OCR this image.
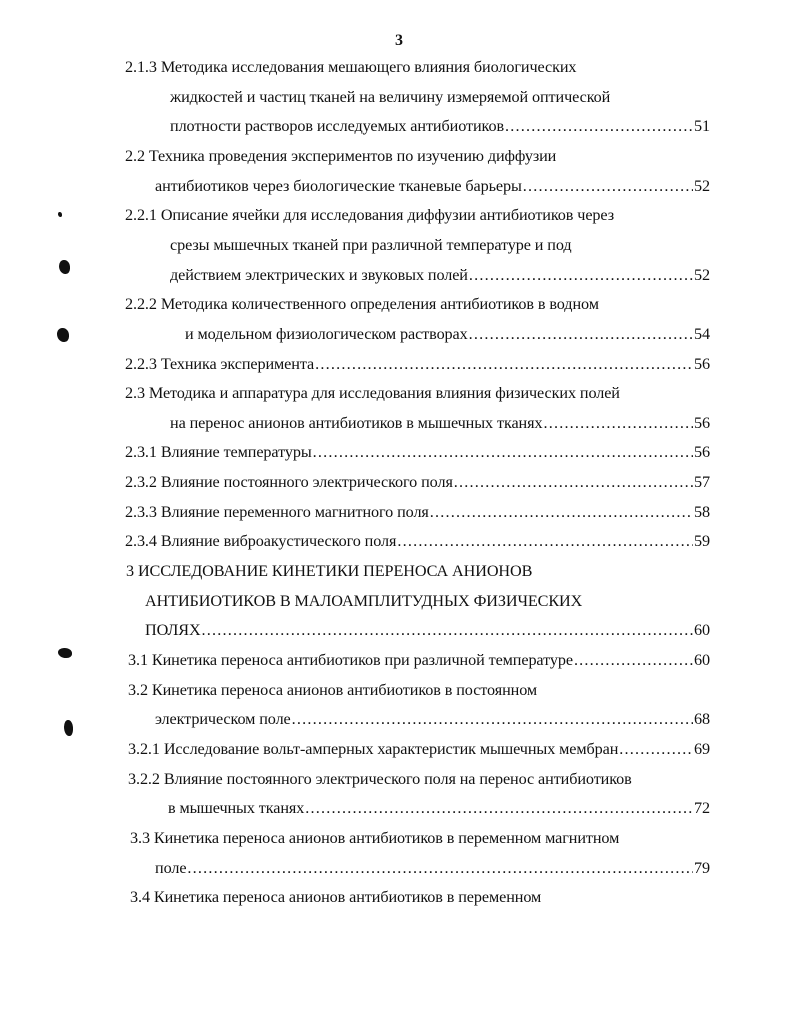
3
2.1.3 Методика исследования мешающего влияния биологических
жидкостей и частиц тканей на величину измеряемой оптической
плотности растворов исследуемых антибиотиков .....	51
2.2 Техника проведения экспериментов по изучению диффузии
антибиотиков через биологические тканевые барьеры .....	52
2.2.1 Описание ячейки для исследования диффузии антибиотиков через
срезы мышечных тканей при различной температуре и под
действием электрических и звуковых полей .....	52
2.2.2 Методика количественного определения антибиотиков в водном
и модельном физиологическом растворах .....	54
2.2.3 Техника эксперимента .....	56
2.3 Методика и аппаратура для исследования влияния физических полей
на перенос анионов антибиотиков в мышечных тканях .....	56
2.3.1 Влияние температуры .....	56
2.3.2 Влияние постоянного электрического поля .....	57
2.3.3 Влияние переменного магнитного поля .....	58
2.3.4 Влияние виброакустического поля .....	59
3 ИССЛЕДОВАНИЕ КИНЕТИКИ ПЕРЕНОСА АНИОНОВ
АНТИБИОТИКОВ В МАЛОАМПЛИТУДНЫХ ФИЗИЧЕСКИХ
ПОЛЯХ .....	60
3.1 Кинетика переноса антибиотиков при различной температуре .....	60
3.2 Кинетика переноса анионов антибиотиков в постоянном
электрическом поле .....	68
3.2.1 Исследование вольт-амперных характеристик мышечных мембран .....	69
3.2.2 Влияние постоянного электрического поля на перенос антибиотиков
в мышечных тканях .....	72
3.3 Кинетика переноса анионов антибиотиков в переменном магнитном
поле .....	79
3.4 Кинетика переноса анионов антибиотиков в переменном
